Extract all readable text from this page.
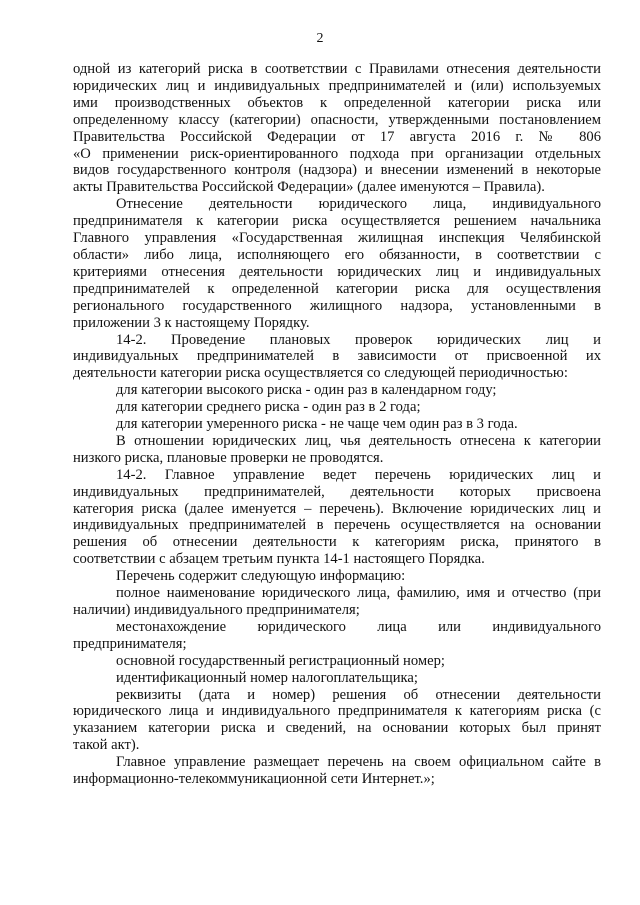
2
одной из категорий риска в соответствии с Правилами отнесения деятельности
юридических лиц и индивидуальных предпринимателей и (или) используемых
ими производственных объектов к определенной категории риска или
определенному классу (категории) опасности, утвержденными постановлением
Правительства Российской Федерации от 17 августа 2016 г. № 806
«О применении риск-ориентированного подхода при организации отдельных
видов государственного контроля (надзора) и внесении изменений в некоторые
акты Правительства Российской Федерации» (далее именуются – Правила).
Отнесение деятельности юридического лица, индивидуального
предпринимателя к категории риска осуществляется решением начальника
Главного управления «Государственная жилищная инспекция Челябинской
области» либо лица, исполняющего его обязанности, в соответствии с
критериями отнесения деятельности юридических лиц и индивидуальных
предпринимателей к определенной категории риска для осуществления
регионального государственного жилищного надзора, установленными в
приложении 3 к настоящему Порядку.
14-2. Проведение плановых проверок юридических лиц и
индивидуальных предпринимателей в зависимости от присвоенной их
деятельности категории риска осуществляется со следующей периодичностью:
для категории высокого риска - один раз в календарном году;
для категории среднего риска - один раз в 2 года;
для категории умеренного риска - не чаще чем один раз в 3 года.
В отношении юридических лиц, чья деятельность отнесена к категории
низкого риска, плановые проверки не проводятся.
14-2. Главное управление ведет перечень юридических лиц и
индивидуальных предпринимателей, деятельности которых присвоена
категория риска (далее именуется – перечень). Включение юридических лиц и
индивидуальных предпринимателей в перечень осуществляется на основании
решения об отнесении деятельности к категориям риска, принятого в
соответствии с абзацем третьим пункта 14-1 настоящего Порядка.
Перечень содержит следующую информацию:
полное наименование юридического лица, фамилию, имя и отчество (при
наличии) индивидуального предпринимателя;
местонахождение юридического лица или индивидуального
предпринимателя;
основной государственный регистрационный номер;
идентификационный номер налогоплательщика;
реквизиты (дата и номер) решения об отнесении деятельности
юридического лица и индивидуального предпринимателя к категориям риска (с
указанием категории риска и сведений, на основании которых был принят
такой акт).
Главное управление размещает перечень на своем официальном сайте в
информационно-телекоммуникационной сети Интернет.»;
